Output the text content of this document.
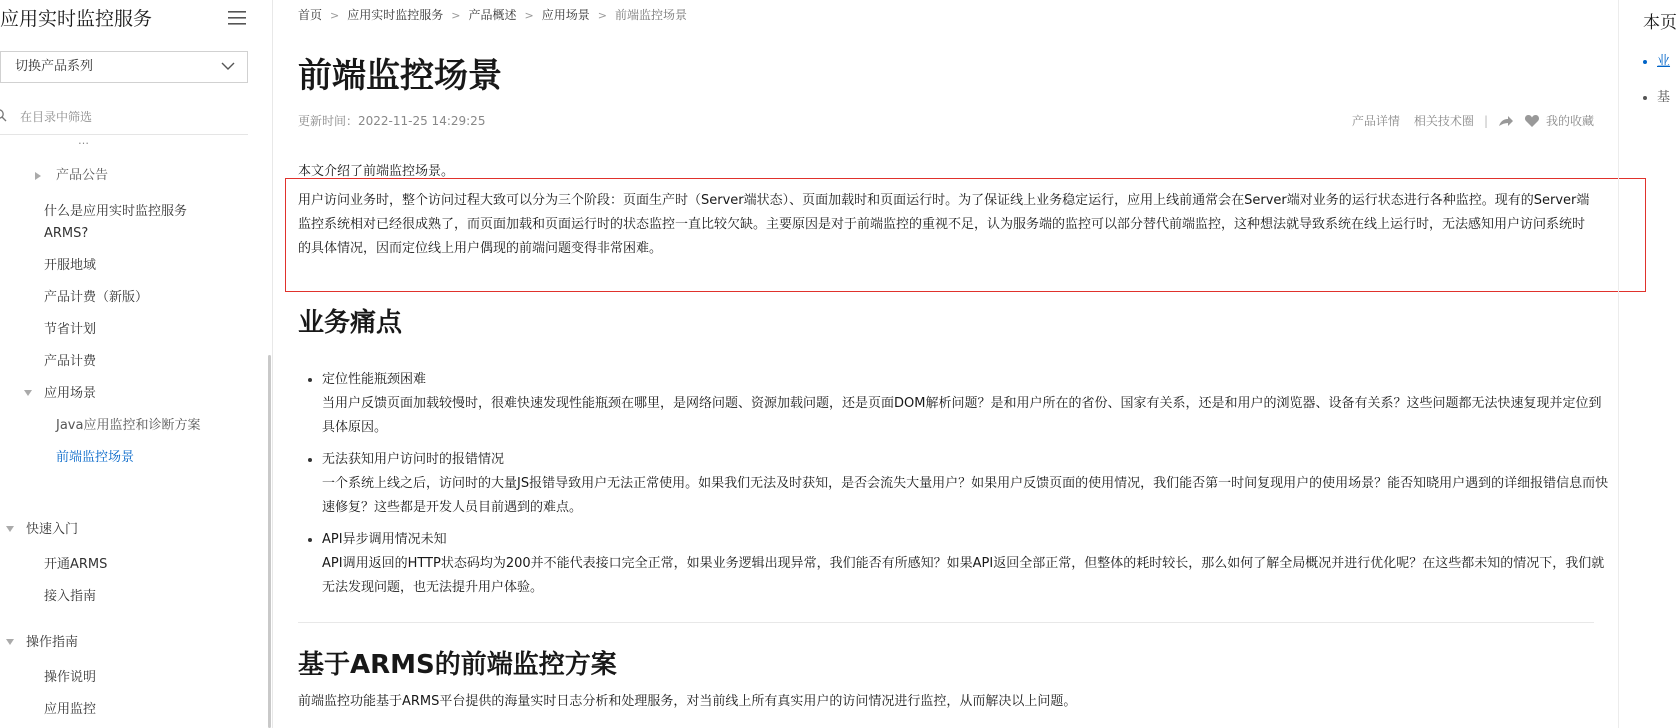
应用实时监控服务
切换产品系列
在目录中筛选
…
产品公告
什么是应用实时监控服务ARMS?
开服地域
产品计费（新版）
节省计划
产品计费
应用场景
Java应用监控和诊断方案
前端监控场景
快速入门
开通ARMS
接入指南
操作指南
操作说明
应用监控
首页 > 应用实时监控服务 > 产品概述 > 应用场景 > 前端监控场景
前端监控场景
更新时间：2022-11-25 14:29:25	产品详情 相关技术圈 |	我的收藏
本文介绍了前端监控场景。
用户访问业务时，整个访问过程大致可以分为三个阶段：页面生产时（Server端状态）、页面加载时和页面运行时。为了保证线上业务稳定运行，应用上线前通常会在Server端对业务的运行状态进行各种监控。现有的Server端监控系统相对已经很成熟了，而页面加载和页面运行时的状态监控一直比较欠缺。主要原因是对于前端监控的重视不足，认为服务端的监控可以部分替代前端监控，这种想法就导致系统在线上运行时，无法感知用户访问系统时的具体情况，因而定位线上用户偶现的前端问题变得非常困难。
业务痛点
定位性能瓶颈困难
当用户反馈页面加载较慢时，很难快速发现性能瓶颈在哪里，是网络问题、资源加载问题，还是页面DOM解析问题？是和用户所在的省份、国家有关系，还是和用户的浏览器、设备有关系？这些问题都无法快速复现并定位到具体原因。
无法获知用户访问时的报错情况
一个系统上线之后，访问时的大量JS报错导致用户无法正常使用。如果我们无法及时获知，是否会流失大量用户？如果用户反馈页面的使用情况，我们能否第一时间复现用户的使用场景？能否知晓用户遇到的详细报错信息而快速修复？这些都是开发人员目前遇到的难点。
API异步调用情况未知
API调用返回的HTTP状态码均为200并不能代表接口完全正常，如果业务逻辑出现异常，我们能否有所感知？如果API返回全部正常，但整体的耗时较长，那么如何了解全局概况并进行优化呢？在这些都未知的情况下，我们就无法发现问题，也无法提升用户体验。
基于ARMS的前端监控方案
前端监控功能基于ARMS平台提供的海量实时日志分析和处理服务，对当前线上所有真实用户的访问情况进行监控，从而解决以上问题。
本页
业
基
